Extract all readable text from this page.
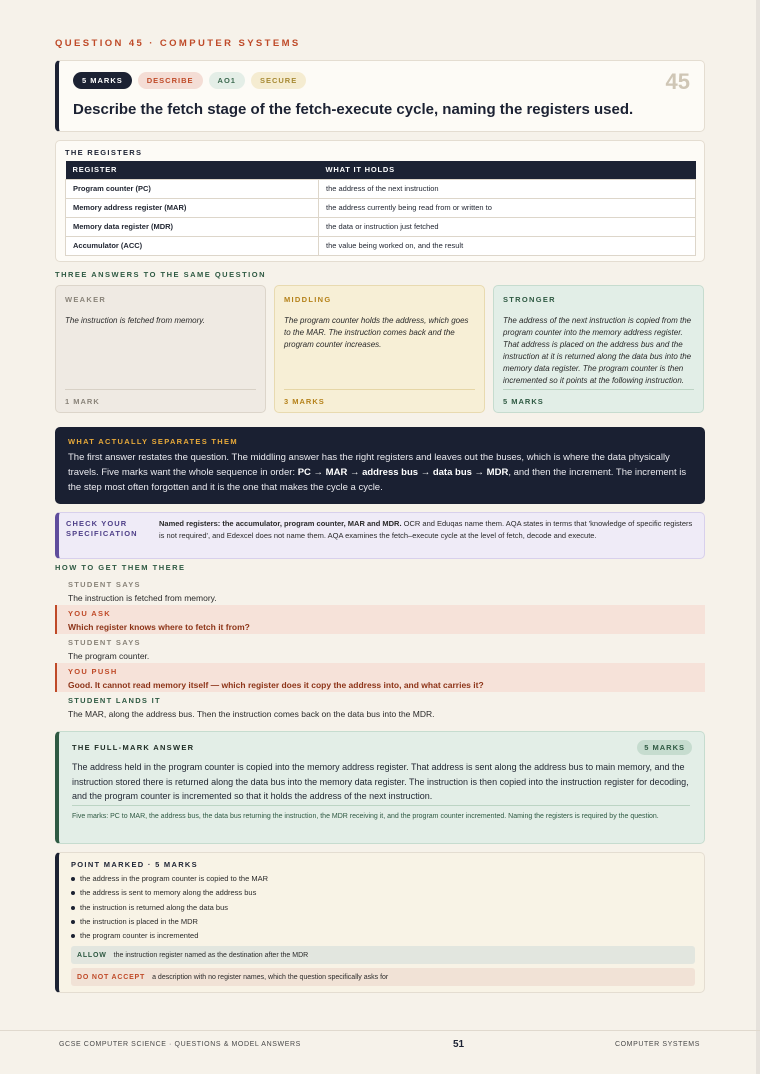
QUESTION 45 · COMPUTER SYSTEMS
5 MARKS	DESCRIBE	AO1	SECURE	45
Describe the fetch stage of the fetch-execute cycle, naming the registers used.
THE REGISTERS
REGISTER	WHAT IT HOLDS
Program counter (PC)	the address of the next instruction
Memory address register (MAR)	the address currently being read from or written to
Memory data register (MDR)	the data or instruction just fetched
Accumulator (ACC)	the value being worked on, and the result
THREE ANSWERS TO THE SAME QUESTION
WEAKER
The instruction is fetched from memory.
1 MARK
MIDDLING
The program counter holds the address, which goes to the MAR. The instruction comes back and the program counter increases.
3 MARKS
STRONGER
The address of the next instruction is copied from the program counter into the memory address register. That address is placed on the address bus and the instruction at it is returned along the data bus into the memory data register. The program counter is then incremented so it points at the following instruction.
5 MARKS
WHAT ACTUALLY SEPARATES THEM
The first answer restates the question. The middling answer has the right registers and leaves out the buses, which is where the data physically travels. Five marks want the whole sequence in order: PC → MAR → address bus → data bus → MDR, and then the increment. The increment is the step most often forgotten and it is the one that makes the cycle a cycle.
CHECK YOUR SPECIFICATION
Named registers: the accumulator, program counter, MAR and MDR. OCR and Eduqas name them. AQA states in terms that 'knowledge of specific registers is not required', and Edexcel does not name them. AQA examines the fetch–execute cycle at the level of fetch, decode and execute.
HOW TO GET THEM THERE
STUDENT SAYS
The instruction is fetched from memory.
YOU ASK
Which register knows where to fetch it from?
STUDENT SAYS
The program counter.
YOU PUSH
Good. It cannot read memory itself — which register does it copy the address into, and what carries it?
STUDENT LANDS IT
The MAR, along the address bus. Then the instruction comes back on the data bus into the MDR.
THE FULL-MARK ANSWER	5 MARKS
The address held in the program counter is copied into the memory address register. That address is sent along the address bus to main memory, and the instruction stored there is returned along the data bus into the memory data register. The instruction is then copied into the instruction register for decoding, and the program counter is incremented so that it holds the address of the next instruction.
Five marks: PC to MAR, the address bus, the data bus returning the instruction, the MDR receiving it, and the program counter incremented. Naming the registers is required by the question.
POINT MARKED · 5 MARKS
the address in the program counter is copied to the MAR
the address is sent to memory along the address bus
the instruction is returned along the data bus
the instruction is placed in the MDR
the program counter is incremented
ALLOW the instruction register named as the destination after the MDR
DO NOT ACCEPT a description with no register names, which the question specifically asks for
GCSE COMPUTER SCIENCE · QUESTIONS & MODEL ANSWERS	51	COMPUTER SYSTEMS
